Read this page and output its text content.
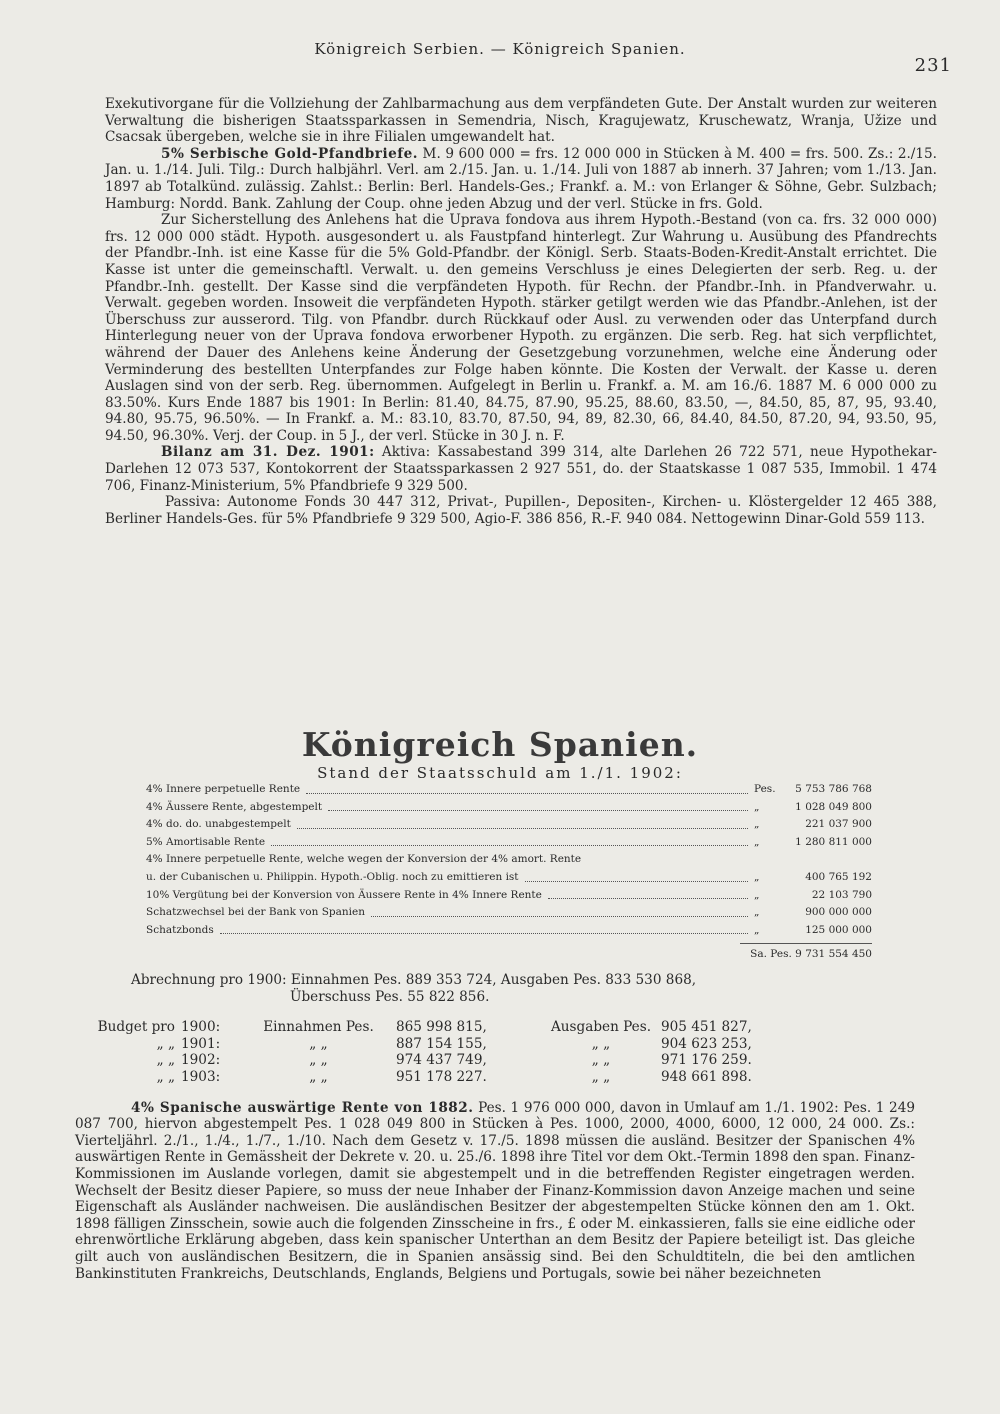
Königreich Serbien. — Königreich Spanien.
231

Exekutivorgane für die Vollziehung der Zahlbarmachung aus dem verpfändeten Gute. Der Anstalt wurden zur weiteren Verwaltung die bisherigen Staatssparkassen in Semendria, Nisch, Kragujewatz, Kruschewatz, Wranja, Užize und Csacsak übergeben, welche sie in ihre Filialen umgewandelt hat.

5% Serbische Gold-Pfandbriefe. M. 9 600 000 = frs. 12 000 000 in Stücken à M. 400 = frs. 500. Zs.: 2./15. Jan. u. 1./14. Juli. Tilg.: Durch halbjährl. Verl. am 2./15. Jan. u. 1./14. Juli von 1887 ab innerh. 37 Jahren; vom 1./13. Jan. 1897 ab Totalkünd. zulässig. Zahlst.: Berlin: Berl. Handels-Ges.; Frankf. a. M.: von Erlanger & Söhne, Gebr. Sulzbach; Hamburg: Nordd. Bank. Zahlung der Coup. ohne jeden Abzug und der verl. Stücke in frs. Gold.

Zur Sicherstellung des Anlehens hat die Uprava fondova aus ihrem Hypoth.-Bestand (von ca. frs. 32 000 000) frs. 12 000 000 städt. Hypoth. ausgesondert u. als Faustpfand hinterlegt. Zur Wahrung u. Ausübung des Pfandrechts der Pfandbr.-Inh. ist eine Kasse für die 5% Gold-Pfandbr. der Königl. Serb. Staats-Boden-Kredit-Anstalt errichtet. Die Kasse ist unter die gemeinschaftl. Verwalt. u. den gemeins Verschluss je eines Delegierten der serb. Reg. u. der Pfandbr.-Inh. gestellt. Der Kasse sind die verpfändeten Hypoth. für Rechn. der Pfandbr.-Inh. in Pfandverwahr. u. Verwalt. gegeben worden. Insoweit die verpfändeten Hypoth. stärker getilgt werden wie das Pfandbr.-Anlehen, ist der Überschuss zur ausserord. Tilg. von Pfandbr. durch Rückkauf oder Ausl. zu verwenden oder das Unterpfand durch Hinterlegung neuer von der Uprava fondova erworbener Hypoth. zu ergänzen. Die serb. Reg. hat sich verpflichtet, während der Dauer des Anlehens keine Änderung der Gesetzgebung vorzunehmen, welche eine Änderung oder Verminderung des bestellten Unterpfandes zur Folge haben könnte. Die Kosten der Verwalt. der Kasse u. deren Auslagen sind von der serb. Reg. übernommen. Aufgelegt in Berlin u. Frankf. a. M. am 16./6. 1887 M. 6 000 000 zu 83.50%. Kurs Ende 1887 bis 1901: In Berlin: 81.40, 84.75, 87.90, 95.25, 88.60, 83.50, —, 84.50, 85, 87, 95, 93.40, 94.80, 95.75, 96.50%. — In Frankf. a. M.: 83.10, 83.70, 87.50, 94, 89, 82.30, 66, 84.40, 84.50, 87.20, 94, 93.50, 95, 94.50, 96.30%. Verj. der Coup. in 5 J., der verl. Stücke in 30 J. n. F.

Bilanz am 31. Dez. 1901: Aktiva: Kassabestand 399 314, alte Darlehen 26 722 571, neue Hypothekar-Darlehen 12 073 537, Kontokorrent der Staatssparkassen 2 927 551, do. der Staatskasse 1 087 535, Immobil. 1 474 706, Finanz-Ministerium, 5% Pfandbriefe 9 329 500.

Passiva: Autonome Fonds 30 447 312, Privat-, Pupillen-, Depositen-, Kirchen- u. Klöstergelder 12 465 388, Berliner Handels-Ges. für 5% Pfandbriefe 9 329 500, Agio-F. 386 856, R.-F. 940 084. Nettogewinn Dinar-Gold 559 113.

Königreich Spanien.
Stand der Staatsschuld am 1./1. 1902:
4% Innere perpetuelle Rente	Pes.	5 753 786 768
4% Äussere Rente, abgestempelt	„	1 028 049 800
4% do. do. unabgestempelt	„	221 037 900
5% Amortisable Rente	„	1 280 811 000
4% Innere perpetuelle Rente, welche wegen der Konversion der 4% amort. Rente
u. der Cubanischen u. Philippin. Hypoth.-Oblig. noch zu emittieren ist	„	400 765 192
10% Vergütung bei der Konversion von Äussere Rente in 4% Innere Rente	„	22 103 790
Schatzwechsel bei der Bank von Spanien	„	900 000 000
Schatzbonds	„	125 000 000
Sa. Pes. 9 731 554 450

Abrechnung pro 1900: Einnahmen Pes. 889 353 724, Ausgaben Pes. 833 530 868,

Überschuss Pes. 55 822 856.

Budget pro 1900:	Einnahmen Pes.	865 998 815,	Ausgaben Pes. 905 451 827,
„ „ 1901:	„ „	887 154 155,	„ „	904 623 253,
„ „ 1902:	„ „	974 437 749,	„ „	971 176 259.
„ „ 1903:	„ „	951 178 227.	„ „	948 661 898.

4% Spanische auswärtige Rente von 1882. Pes. 1 976 000 000, davon in Umlauf am 1./1. 1902: Pes. 1 249 087 700, hiervon abgestempelt Pes. 1 028 049 800 in Stücken à Pes. 1000, 2000, 4000, 6000, 12 000, 24 000. Zs.: Vierteljährl. 2./1., 1./4., 1./7., 1./10. Nach dem Gesetz v. 17./5. 1898 müssen die ausländ. Besitzer der Spanischen 4% auswärtigen Rente in Gemässheit der Dekrete v. 20. u. 25./6. 1898 ihre Titel vor dem Okt.-Termin 1898 den span. Finanz-Kommissionen im Auslande vorlegen, damit sie abgestempelt und in die betreffenden Register eingetragen werden. Wechselt der Besitz dieser Papiere, so muss der neue Inhaber der Finanz-Kommission davon Anzeige machen und seine Eigenschaft als Ausländer nachweisen. Die ausländischen Besitzer der abgestempelten Stücke können den am 1. Okt. 1898 fälligen Zinsschein, sowie auch die folgenden Zinsscheine in frs., £ oder M. einkassieren, falls sie eine eidliche oder ehrenwörtliche Erklärung abgeben, dass kein spanischer Unterthan an dem Besitz der Papiere beteiligt ist. Das gleiche gilt auch von ausländischen Besitzern, die in Spanien ansässig sind. Bei den Schuldtiteln, die bei den amtlichen Bankinstituten Frankreichs, Deutschlands, Englands, Belgiens und Portugals, sowie bei näher bezeichneten
